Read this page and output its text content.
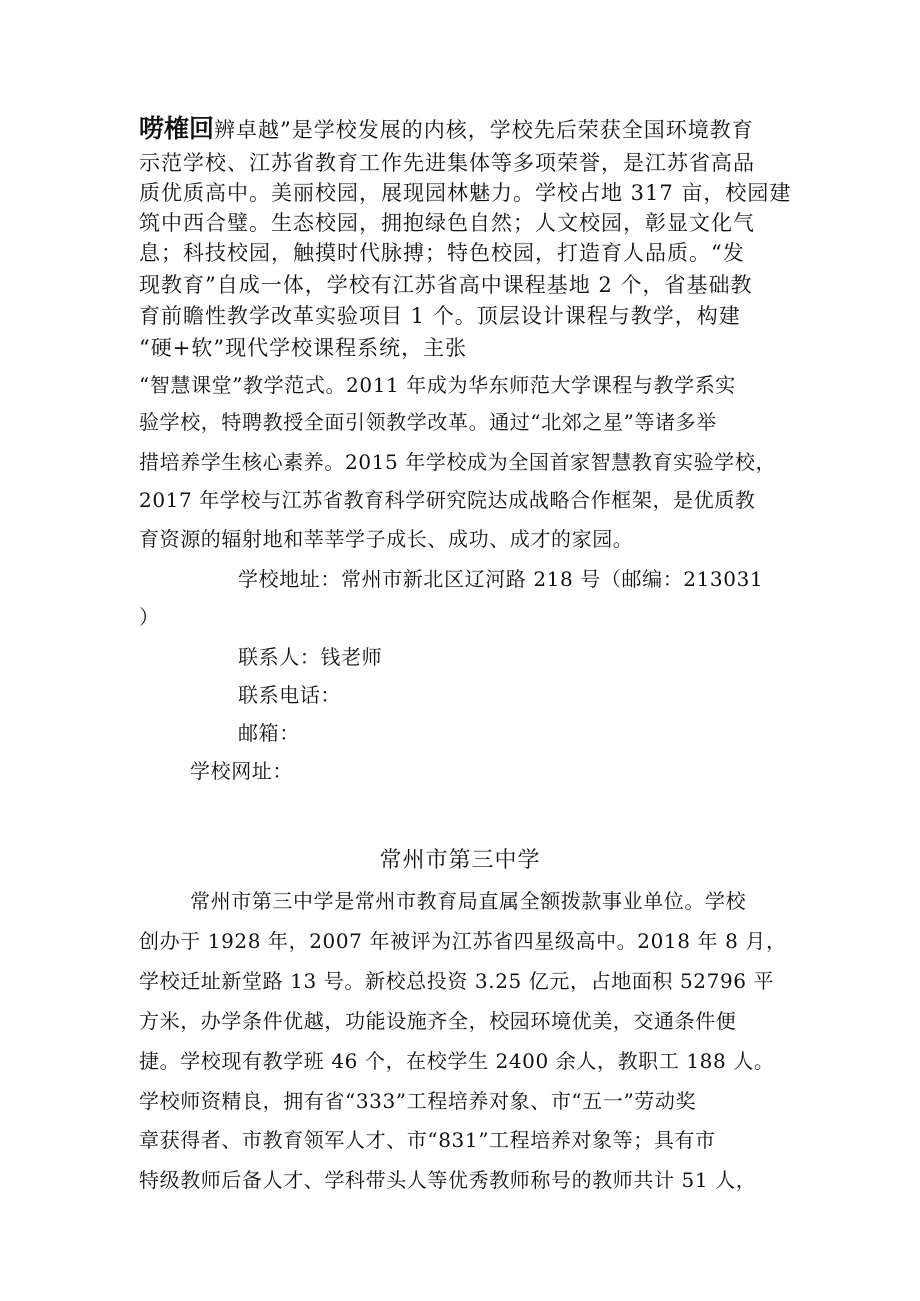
唠榷回辨卓越”是学校发展的内核，学校先后荣获全国环境教育
示范学校、江苏省教育工作先进集体等多项荣誉，是江苏省高品
质优质高中。美丽校园，展现园林魅力。学校占地 317 亩，校园建
筑中西合璧。生态校园，拥抱绿色自然；人文校园，彰显文化气
息；科技校园，触摸时代脉搏；特色校园，打造育人品质。“发
现教育”自成一体，学校有江苏省高中课程基地 2 个，省基础教
育前瞻性教学改革实验项目 1 个。顶层设计课程与教学，构建
“硬+软”现代学校课程系统，主张
“智慧课堂”教学范式。2011 年成为华东师范大学课程与教学系实
验学校，特聘教授全面引领教学改革。通过“北郊之星”等诸多举
措培养学生核心素养。2015 年学校成为全国首家智慧教育实验学校，
2017 年学校与江苏省教育科学研究院达成战略合作框架，是优质教
育资源的辐射地和莘莘学子成长、成功、成才的家园。
学校地址：常州市新北区辽河路 218 号（邮编：213031
）
联系人：钱老师
联系电话：
邮箱：
学校网址：
常州市第三中学
常州市第三中学是常州市教育局直属全额拨款事业单位。学校
创办于 1928 年，2007 年被评为江苏省四星级高中。2018 年 8 月，
学校迁址新堂路 13 号。新校总投资 3.25 亿元，占地面积 52796 平
方米，办学条件优越，功能设施齐全，校园环境优美，交通条件便
捷。学校现有教学班 46 个，在校学生 2400 余人，教职工 188 人。
学校师资精良，拥有省“333”工程培养对象、市“五一”劳动奖
章获得者、市教育领军人才、市“831”工程培养对象等；具有市
特级教师后备人才、学科带头人等优秀教师称号的教师共计 51 人，
